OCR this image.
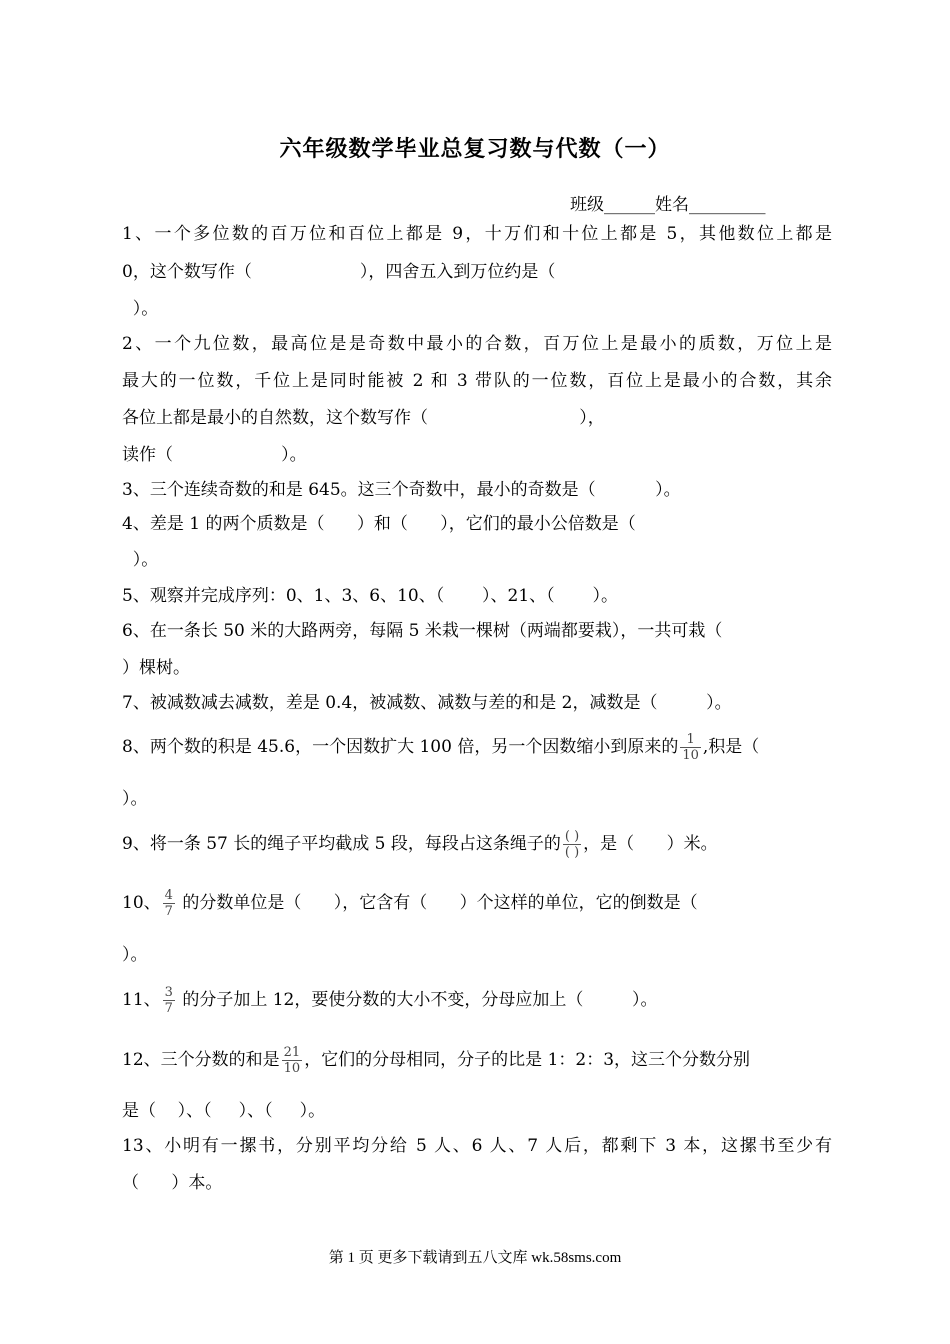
六年级数学毕业总复习数与代数（一）
班级______姓名_________
1、一个多位数的百万位和百位上都是 9，十万们和十位上都是 5，其他数位上都是
0，这个数写作（                    ），四舍五入到万位约是（
）。
2、一个九位数，最高位是是奇数中最小的合数，百万位上是最小的质数，万位上是
最大的一位数，千位上是同时能被 2 和 3 带队的一位数，百位上是最小的合数，其余
各位上都是最小的自然数，这个数写作（                            ），
读作（                    ）。
3、三个连续奇数的和是 645。这三个奇数中，最小的奇数是（           ）。
4、差是 1 的两个质数是（      ）和（      ），它们的最小公倍数是（
）。
5、观察并完成序列：0、1、3、6、10、（       ）、21、（       ）。
6、在一条长 50 米的大路两旁，每隔 5 米栽一棵树（两端都要栽），一共可栽（
）棵树。
7、被减数减去减数，差是 0.4，被减数、减数与差的和是 2，减数是（         ）。
8、两个数的积是 45.6，一个因数扩大 100 倍，另一个因数缩小到原来的 $\frac{1}{10}$ ,积是（
）。
9、将一条 57 长的绳子平均截成 5 段，每段占这条绳子的 $\frac{( )}{( )}$ ，是（      ）米。
10、 $\frac{4}{7}$ 的分数单位是（      ），它含有（      ）个这样的单位，它的倒数是（
）。
11、 $\frac{3}{7}$ 的分子加上 12，要使分数的大小不变，分母应加上（         ）。
12、三个分数的和是 $\frac{21}{10}$ ，它们的分母相同，分子的比是 1：2：3，这三个分数分别
是（    ）、（     ）、（     ）。
13、小明有一摞书，分别平均分给 5 人、6 人、7 人后，都剩下 3 本，这摞书至少有
（      ）本。
第 1 页 更多下载请到五八文库 wk.58sms.com
